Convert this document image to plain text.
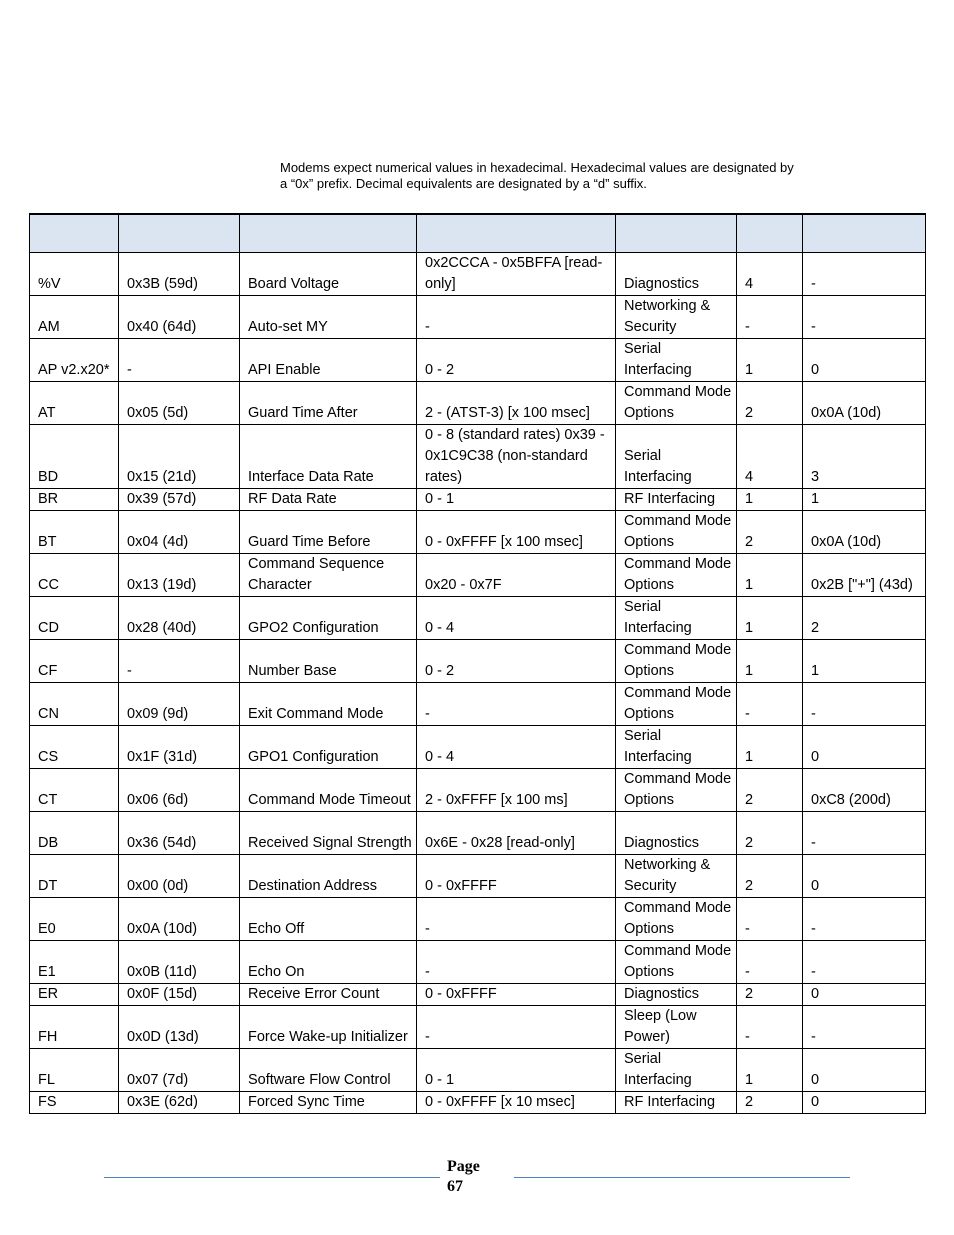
Modems expect numerical values in hexadecimal. Hexadecimal values are designated by
a “0x” prefix. Decimal equivalents are designated by a “d” suffix.

%V	0x3B (59d)	Board Voltage	0x2CCCA - 0x5BFFA [read-only]	Diagnostics	4	-
AM	0x40 (64d)	Auto-set MY	-	Networking & Security	-	-
AP v2.x20*	-	API Enable	0 - 2	Serial Interfacing	1	0
AT	0x05 (5d)	Guard Time After	2 - (ATST-3) [x 100 msec]	Command Mode Options	2	0x0A (10d)
BD	0x15 (21d)	Interface Data Rate	0 - 8 (standard rates) 0x39 - 0x1C9C38 (non-standard rates)	Serial Interfacing	4	3
BR	0x39 (57d)	RF Data Rate	0 - 1	RF Interfacing	1	1
BT	0x04 (4d)	Guard Time Before	0 - 0xFFFF [x 100 msec]	Command Mode Options	2	0x0A (10d)
CC	0x13 (19d)	Command Sequence Character	0x20 - 0x7F	Command Mode Options	1	0x2B ["+"] (43d)
CD	0x28 (40d)	GPO2 Configuration	0 - 4	Serial Interfacing	1	2
CF	-	Number Base	0 - 2	Command Mode Options	1	1
CN	0x09 (9d)	Exit Command Mode	-	Command Mode Options	-	-
CS	0x1F (31d)	GPO1 Configuration	0 - 4	Serial Interfacing	1	0
CT	0x06 (6d)	Command Mode Timeout	2 - 0xFFFF [x 100 ms]	Command Mode Options	2	0xC8 (200d)
DB	0x36 (54d)	Received Signal Strength	0x6E - 0x28 [read-only]	Diagnostics	2	-
DT	0x00 (0d)	Destination Address	0 - 0xFFFF	Networking & Security	2	0
E0	0x0A (10d)	Echo Off	-	Command Mode Options	-	-
E1	0x0B (11d)	Echo On	-	Command Mode Options	-	-
ER	0x0F (15d)	Receive Error Count	0 - 0xFFFF	Diagnostics	2	0
FH	0x0D (13d)	Force Wake-up Initializer	-	Sleep (Low Power)	-	-
FL	0x07 (7d)	Software Flow Control	0 - 1	Serial Interfacing	1	0
FS	0x3E (62d)	Forced Sync Time	0 - 0xFFFF [x 10 msec]	RF Interfacing	2	0
Page
67
